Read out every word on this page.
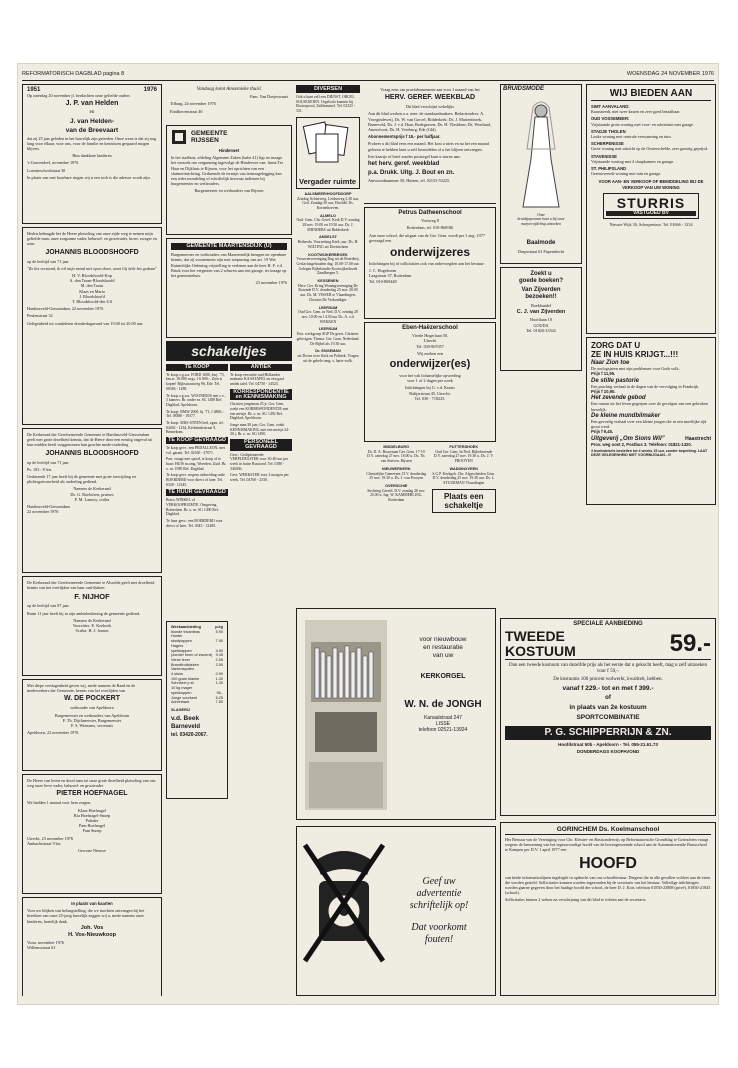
REFORMATORISCH DAGBLAD pagina 8	WOENSDAG 24 NOVEMBER 1976
1951	1976

Op zaterdag 20 november jl. herdachten onze geliefde ouders

J. P. van Helden

en

J. van Helden-

van de Breevaart

dat zij 25 jaar geleden in het huwelijk zijn getreden. Onze wens is dat zij nog lang voor elkaar, voor ons, voor de familie en kennissen gespaard mogen blijven.

Hun dankbare kinderen

's-Gravendeel, november 1976

Lorentzschoolstraat 30

In plaats van met hoorbare ringen wij u een toch is die adresse wordt zijn.

Heden behaagde het de Heere plotseling van onze zijde weg te nemen mijn geliefde man, onze zorgzame vader, behuwd- en grootvader, broer, zwager en oom

JOHANNIS BLOODSHOOFD

op de leeftijd van 71 jaar

"Zo het verstand, ik wil mijn mond niet open doen, want Gij hebt het gedaan"

H. V. Bloodshoofd-Kop
A. den Toom-Bloodshoofd
M. den Toom
Klaas en Maria
J. Bloodshoofd
T. Bloodshoofd-den Uil

Hardinxveld-Giessendam, 22 november 1976

Peulenstraat 32

Gelegenheid tot condoleren donderdagavond van 19.00 tot 20.00 uur.

De Kerkeraad der Gereformeerde Gemeente te Hardinxveld-Giessendam geeft met grote droefheid kennis, dat de Heere door een ernstig ongeval uit hun midden heeft weggenomen hun geachte mede-ouderling

JOHANNIS BLOODSHOOFD

op de leeftijd van 71 jaar

Ps. 103 : 8 len.

Gedurende 17 jaar heeft hij de gemeente met grote toewijding en plichtsgetrouwheid als ouderling gediend.

Namens de Kerkeraad
Ds. G. Roelofsen, praeses
P. M. Lanooy, scriba

Hardinxveld-Giessendam
22 november 1976

De Kerkeraad der Gereformeerde Gemeente te Alsselde geeft met droefheid kennis van het overlijden van haar oud-diaken

F. NIJHOF

op de leeftijd van 87 jaar.

Ruim 11 jaar heeft hij in zijn ambtsbediening de gemeente gediend.

Namens de Kerkeraad
Voorzitter: E. Koekoek
Scriba: H. J. Jansen

Met diepe verslagenheid geven wij, mede namens de Raad en de medewerkers der Gemeente, kennis van het overlijden van

W. DE POCKERT

wethouder van Apeldoorn

Burgemeester en wethouders van Apeldoorn
F. Th. Dijckmeester, Burgemeester
F. S. Wiemans, secretaris

Apeldoorn, 22 november 1976

De Heere van leven en dood nam tot onze grote droefheid plotseling van ons weg onze lieve vader, behuwd- en grootvader

PIETER HOEFNAGEL

We hadden 1 maand voor hem zorgen.

Klaas Hoefnagel
Ria Hoefnagel-Snoep
Polinke
Pam Hoefnagel
Pam Snoep

Utrecht, 23 november 1976
Ambachtstraat 9 bis

Gewone Nieuwe

In plaats van kaarten

Voor uw blijken van belangstelling, die we mochten ontvangen bij het bereiken van onze 25-jarig huwelijk zeggen wij u, mede namens onze kinderen, hartelijk dank.

Joh. Vos

H. Vos-Nieuwkoop

Voon, november 1976
Willemsstraat 63

Vandaag komt Amsemieke thuis!

Fam. Van Doejeswaart

Tilburg, 24 november 1976

Eindhovenstraat 46

GEMEENTE
RIJSSEN

Hinderwet

In het stadhuis, afdeling Algemene Zaken (balie 41) ligt ter inzage het verzoek om vergunning ingevolge de Hinderwet van: firma Ter Haar en Dijkhuis te Rijssen, voor het oprichten van een sluimerinrichting. Gedurende de termijn van terinzagelegging kan een ieder mondeling of schriftelijk bezwaar indienen bij burgemeester en wethouders.

Burgemeester en wethouders van Rijssen

GEMEENTE MAARTENSDIJK (U)

Burgemeester en wethouders van Maartensdijk brengen ter openbare kennis, dat zij voornemens zijn met toepassing van art. 19 Wet Ruimtelijke Ordening vrijstelling te verlenen aan de heer H. F. v.d. Brink voor het vergroten van 2 schuren aan een garage, ter inzage op het gemeentehuis.

23 november 1976

schakeltjes
TE KOOP

Te koop z.g.a.n. FORD 1600, bwj. '75, km.st. 18.000 wrgs. f 6.900,-. Zien is kopen! Rijksstraatweg 96, Ede. Tel. 08384 - 1288.

Te koop z.g.a.n. WOONHUIS met c.v., 3 kamers. Br. onder nr. SG 1488 Ref. Dagblad, Apeldoorn.

Te koop: BMW 2000, bj. '71, f 4800,-. Tel. 08380 - 19377.

Te koop: MIJS-STEEN bed, zgan, tel. 04402 - 1234, Kerkeindestraat 9, Bennekom.

TE KOOP GEVRAAGD

Te koop gevr.: een PEDALLEON, met vol. garant. Tel. 02160 - 47071.

Part. vraagt met spoed, te koop of te huur: HUIS in omg. Woerden, Zuid. Br. o. nr. 1980 Ref. Dagblad.

Te koop gevr. wegens uitbreiding oude BOERDERIJ voor direct of later. Tel. 0348 - 12345.

TE HUUR GEVRAAGD

Bouw WINKEL of VERKOOPRUIMTE. Omgeving Rotterdam. Br. o. nr. SG 1490 Ref. Dagblad.

Te huur gevr.: een BOERDERIJ voor direct of later. Tel. 0345 - 12400.

ANTIEK

Te koop een nette oud-Hollandse mahonie KAASTAFEL en een gaaf antiek tafel. Tel. 04750 - 14523.

KORRESPONDENTIE en KENNISMAKING

Christen jongeman 25 jr. Ger. Gem. zoekt een KORRESPONDENTIE met een meisje. Br. o. nr. SG 1492 Ref. Dagblad, Apeldoorn.

Jonge man 30 jaar, Ger. Gem. zoekt KENNISMAKING met een meisje 24-30 j. Br. o. nr. SG 1490.

PERSONEEL GEVRAAGD

Gevr.: Gediplomeerde VERPLEEGSTER voor 30-40 uur per week in huize Rustoord. Tel. 0180 - 340456.

Gevr. WERKSTER voor 2 morgen per week. Tel. 04760 - 2330.

Weekaanbieding	p.kg
blonde tricanteas	5.90
Hunter
stoofpappen	7.90
Hagers
spekbappen	4.90
(zonder been of zwoerd) 9.45
Verse lever	2.95
Brandfrotfaleken	2.50
Varkenspoten
4 stuks	0.90
100 gram blanke	1.30
Schnitzel p.st.	1.30
10 kg mager
spekkoppen	96.-
Jonge voorkant	6.25
Achterkant	7.50

SLAGERIJ

v.d. Beek

Barneveld

tel. 03420-2067.

DIVERSEN

Ook u kunt zelf een DIENST, ORGEL SOLSEIZOEN. Orgelsolo kunnen bij Ekotroposol, Zaltbommel. Tel. 02325 - 331.

Vergader ruimte

AALSMEER/HOOFDDORP

Zondag Achterweg, Leidseweg 2,30 uur, Ged. Zondag-30 uur, Hoofdd. Ds. Kortenhoeven.

ALMELO

Oud. Gem. Chr. Geref. Kerk D.V. zondag 28 nov. 19.00 en 19.30 uur. Ds. J. MIJNDERS uit Ridderkerk

ANDELST

Bethesda. Voorzetting Kerk, uur: Ds. H. WILTING uit Doetinchem

KOOTWIJKERBROEK

Vrouwenvereniging Dag uit de Boerderij. Geslachtsgehouden dag. 10.00-17.00 uur. Gelegen Bijbelstudie Kootwijkerbroek Zandbergen 5.

KESSENEN

Herv. Ger. Kring Woningvereniging De Rotonde D.V. donderdag 25 nov. 20.00 uur. Ds. M. VISSER te Vlaardingen: Christus De Verkondiger.

LEERSUM

Oud Ger. Gem. in Ned. D.V. zondag 28 nov. 10.00 en 14.30 uur Ds. A. v.d. WEKKEN

LEERSUM

Prot. werkgroep SGP De geest. Christen-gelovigen. Thema: Ger. Gem. Nederland: De Bijbel als 19.30 uur.

Dr. ENGEMAN

uit Doorn over Kerk en Politiek. Vragen uit de gehele omg. v. harte welk.

Vraag eens om proefabonnement aan voor 1 maand van het

HERV. GEREF. WEEKBLAD

Dit blad verschijnt wekelijks

Aan dit blad werken o.a. mee: de standaardmakers. Redactieadres: A. Vroegindeweij, Ds. W. van Gorcel, Ridderkerk; Ds. J. Mastenbroek, Barneveld; Ds. J. v.d. Haar, Bodegraven; Ds. H. Vlasblom; Ds. Westland, Amersfoort; Ds. H. Vreeburg, Ede (Gld).

Abonnementsprijs f 15.- per halfjaar.

Probeer u dit blad eens een maand. Het kost u niets en na het een maand gelezen te hebben kunt u zelf beoordelen of u het blijven ontvangen.

Een kaartje of brief zonder postzegel kunt u sturen aan:

het herv. geref. weekblad

p.a. Drukk. Uitg. J. Bout en zn.

Antwoordnummer 50, Huizen, tel. 02153-53225.

Petrus Datheenschool

Voetweg 8

Rotterdam, tel. 010-868186

Aan onze school, die uitgaat van de Ger. Gem. wordt per 1 aug. 1977 gevraagd een

onderwijzeres

Inlichtingen bij of sollicitaties ook van onbevoegden aan het bestuur:

J. C. Hogeboom
Laagstraat 37, Rotterdam
Tel. 010-869448

Eben-Haëzerschool

Vierde Hogerlaan 50,
Utrecht
Tel. 030-867057

Wij zoeken een

onderwijzer(es)

voor het vak lichamelijke opvoeding
voor 1 of 2 dagen per week

Inlichtingen bij G. v.d. Kraats
Balijerstraat 45, Utrecht.
Tel. 030 - 718225.

MIDDELBURG

Dr. D. A. Bouwman Ger. Gem. 17-19 D.V. zaterdag 27 nov. 18.00 u. Ds. Th. van Stuiven. Rijssen

NIEUWERKERK

Christelijke Gemeente. D.V. donderdag 25 nov. 19.30 u. Ds. J. van Prooyen

OVERSCHIE

Stichting Gerefd. D.V. zondag 28 nov. 20.00 u. Ing. W. KAMMERLING, Rotterdam

PUTTERSHOEK

Oud Ger. Gem. In Ned. Bijbehorende D.V. zaterdag 27 nov. 19.30 u. Ds. J. V. PROOYEN

WADDINXVEEN

S.G.P. Kerkgeb. Chr. Afgescheiden Gem. D.V. donderdag 25 nov. 19.30 uur. Ds. L. STUURMAN Vlaardingen

Plaats een

schakeltje

BRUIDSMODE

Onze
bruidsjaponnen kunt u bij onze
marjon-afdeling uitzoeken

Baalmode

Dorpsstraat 61 Papendrecht

Zoekt u
goede boeken?

Van Zijverden
bezoeken!!

Boekhandel

C. J. van Zijverden

Hooftlaan 10
GOUDA
Tel. 01820-23542

WIJ BIEDEN AAN

SIMT AANVALAND:

Kaassneedt, met twee kasten en zeer goed betaalbaar.

OUD VOSSEMEER:

Vrijstaande grote woning met voor- en achtertuin met garage.

STADJE THOLEN

Leuke woning met centrale verwarming en tuin.

SCHERPENISSE

Grote woning met uitzicht op de Oosterschelde, zeer gunstig geprijsd.

STAVENISSE

Vrijstaande woning met 4 slaapkamers en garage.

ST. PHILIPSLAND

Gerenoveerde woning met tuin en garage.

VOOR AAN- EN VERKOOP OF BEMIDDELING BIJ DE VERKOOP VAN UW WONING

STURRIS
VASTGOED BV

Nieuwe Wijk 30, Scherpenisse. Tel. 01666 - 1234

ZORG DAT U

ZE IN HUIS KRIJGT...!!!

Naar Zion toe

De oorlogsjaren met zijn problemen voor Gods volk.

Prijs f 11,95.

De stille pastorie

Een prachtig verhaal in de dagen van de vervolging in Frankrijk.

Prijs f 10,90.

Het zevende gebod

Een roman uit het leven gegrepen over de gevolgen van een gebroken huwelijk.

De kleine mundbilmaker

Een gevoelig verhaal over een kleine jongen die in een moeilijke tijd groot werd.

Prijs f 9,45.

Uitgeverij „Om Sions Wil”	Haastrecht

Prov. weg oost 2, Postbus 3. Telefoon: 01821-1320.

3 boekwinkels bestellen tot 4 weeks 15 uur, zonder beperking. LAAT DEZE GELEGENHEID NIET VOORBIJGAAN...!!!

voor nieuwbouw

en restauratie

van uw

KERKORGEL

W. N. de JONGH

Kanaalstraat 247

LISSE

telefoon 02521-13924

Geef uw

advertentie

schriftelijk op!

Dat voorkomt

fouten!

SPECIALE AANBIEDING

TWEEDE
KOSTUUM	59.-

Dan een tweede kostuum van dezelfde prijs als het eerste dat u gekocht heeft, mag u zelf uitzoeken voor f 59,-.

De kostuums 100 procent wolwerkt, kwaliteit, hebben.

vanaf f 229.- tot en met f 399.-

of

in plaats van 2e kostuum

SPORTCOMBINATIE

P. G. SCHIPPERRIJN & ZN.

Hoofdstraat 50b - Apeldoorn - Tel. 055-21.61.73

DONDERDAGS KOOPAVOND

GORINCHEM Ds. Koelmanschool

Het Bestuur van de Vereniging voor Chr. Kleuter- en Basisonderwijs op Reformatorische Grondslag te Gorinchem vraagt wegens de benoeming van het tegenwoordige hoofd van de bovengenoemde school aan de Automatiserende Basisschool te Kampen per D.V. 1 april 1977 een

HOOFD

van beide informaticalijnen ingelegde in opdracht van ons schoolbestuur. Diegene die in alle gevallen voldoet aan de eisen die worden gesteld. Sollicitaties kunnen worden ingezonden bij de secretaris van het bestuur. Volledige inlichtingen worden gaarne gegeven door het huidige hoofd der school, de heer D. J. Kort, telefoon 01830-23808 (privé), 01830-21843 (school).

Sollicitaties binnen 2 weken na verschijning van dit blad te richten aan de secretaris.
